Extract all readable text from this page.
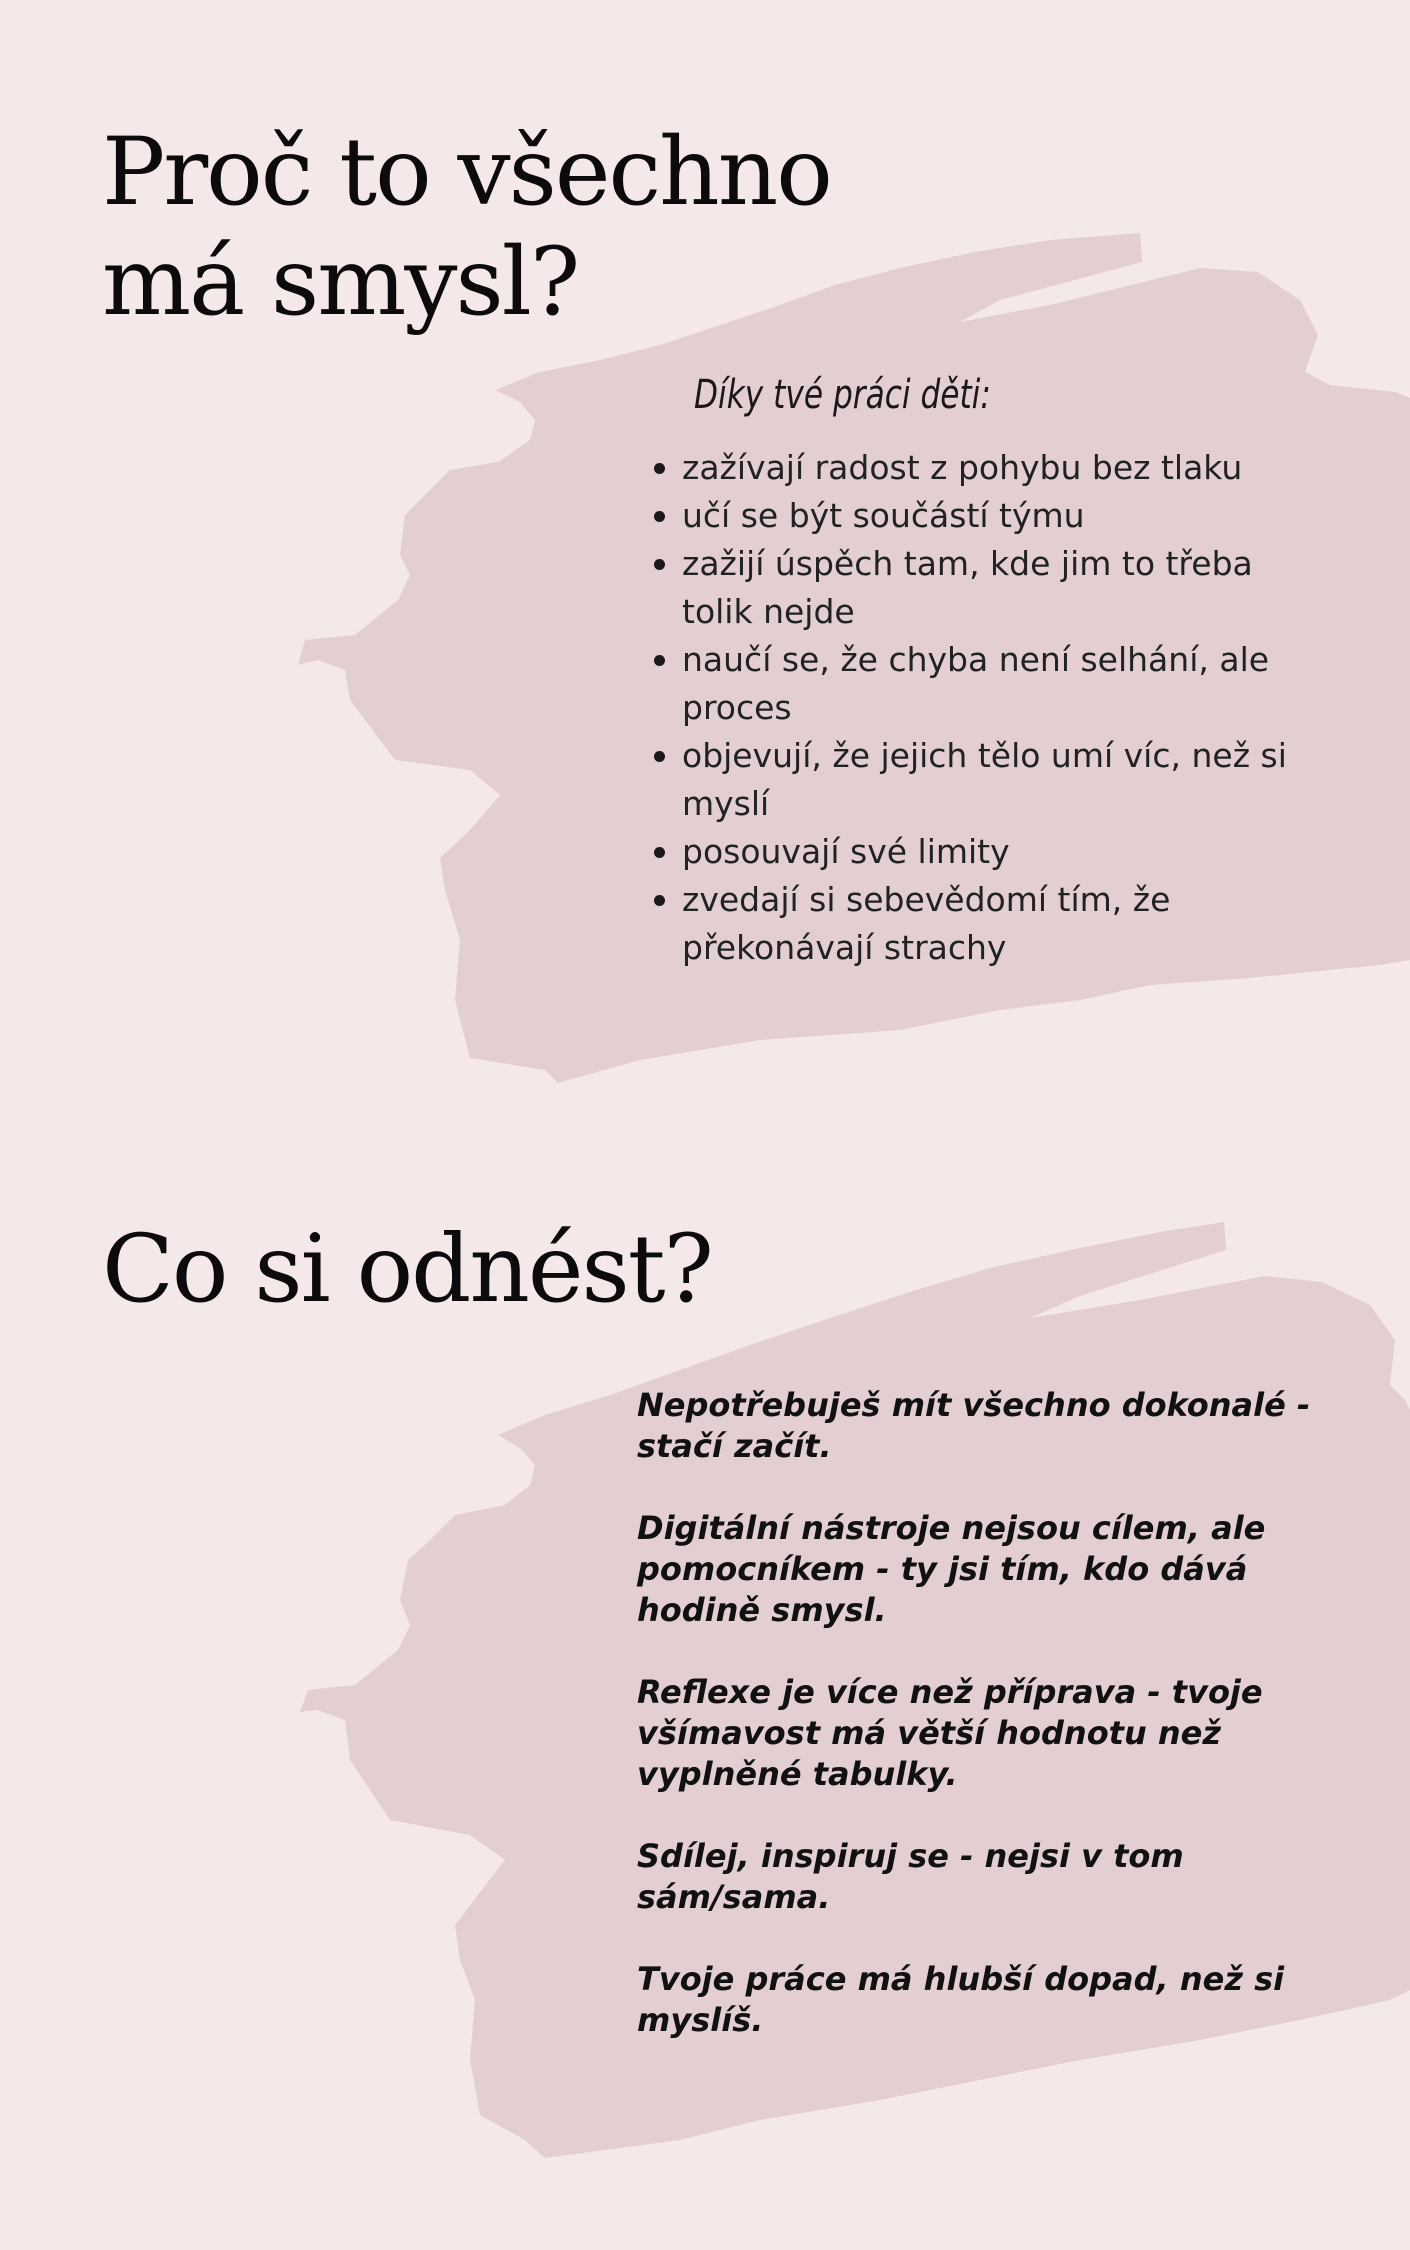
Proč to všechno
má smysl?
Díky tvé práci děti:
zažívají radost z pohybu bez tlaku
učí se být součástí týmu
zažijí úspěch tam, kde jim to třeba tolik nejde
naučí se, že chyba není selhání, ale proces
objevují, že jejich tělo umí víc, než si myslí
posouvají své limity
zvedají si sebevědomí tím, že překonávají strachy
Co si odnést?

Nepotřebuješ mít všechno dokonalé - stačí začít.

Digitální nástroje nejsou cílem, ale pomocníkem - ty jsi tím, kdo dává hodině smysl.

Reflexe je více než příprava - tvoje všímavost má větší hodnotu než vyplněné tabulky.

Sdílej, inspiruj se - nejsi v tom sám/sama.

Tvoje práce má hlubší dopad, než si myslíš.
